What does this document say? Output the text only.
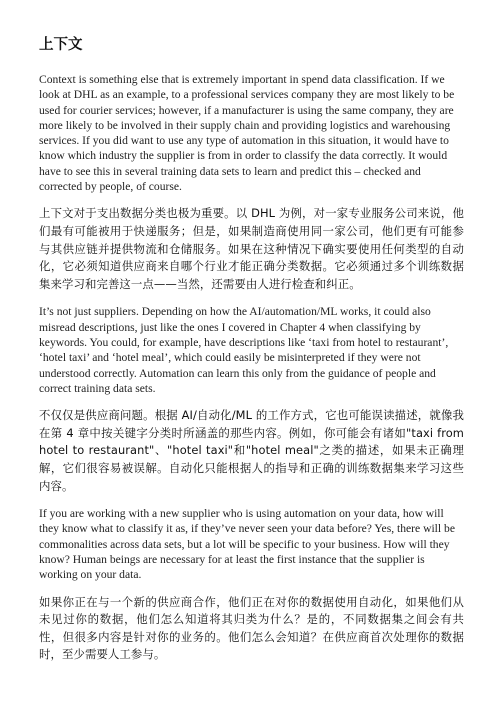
上下文

Context is something else that is extremely important in spend data classification. If we look at DHL as an example, to a professional services company they are most likely to be used for courier services; however, if a manufacturer is using the same company, they are more likely to be involved in their supply chain and providing logistics and warehousing services. If you did want to use any type of automation in this situation, it would have to know which industry the supplier is from in order to classify the data correctly. It would have to see this in several training data sets to learn and predict this – checked and corrected by people, of course.

上下文对于支出数据分类也极为重要。以 DHL 为例，对一家专业服务公司来说，他们最有可能被用于快递服务；但是，如果制造商使用同一家公司，他们更有可能参与其供应链并提供物流和仓储服务。如果在这种情况下确实要使用任何类型的自动化，它必须知道供应商来自哪个行业才能正确分类数据。它必须通过多个训练数据集来学习和完善这一点——当然，还需要由人进行检查和纠正。

It’s not just suppliers. Depending on how the AI/automation/ML works, it could also misread descriptions, just like the ones I covered in Chapter 4 when classifying by keywords. You could, for example, have descriptions like ‘taxi from hotel to restaurant’, ‘hotel taxi’ and ‘hotel meal’, which could easily be misinterpreted if they were not understood correctly. Automation can learn this only from the guidance of people and correct training data sets.

不仅仅是供应商问题。根据 AI/自动化/ML 的工作方式，它也可能误读描述，就像我在第 4 章中按关键字分类时所涵盖的那些内容。例如，你可能会有诸如"taxi from hotel to restaurant"、"hotel taxi"和"hotel meal"之类的描述，如果未正确理解，它们很容易被误解。自动化只能根据人的指导和正确的训练数据集来学习这些内容。

If you are working with a new supplier who is using automation on your data, how will they know what to classify it as, if they’ve never seen your data before? Yes, there will be commonalities across data sets, but a lot will be specific to your business. How will they know? Human beings are necessary for at least the first instance that the supplier is working on your data.

如果你正在与一个新的供应商合作，他们正在对你的数据使用自动化，如果他们从未见过你的数据，他们怎么知道将其归类为什么？是的，不同数据集之间会有共性，但很多内容是针对你的业务的。他们怎么会知道？在供应商首次处理你的数据时，至少需要人工参与。
